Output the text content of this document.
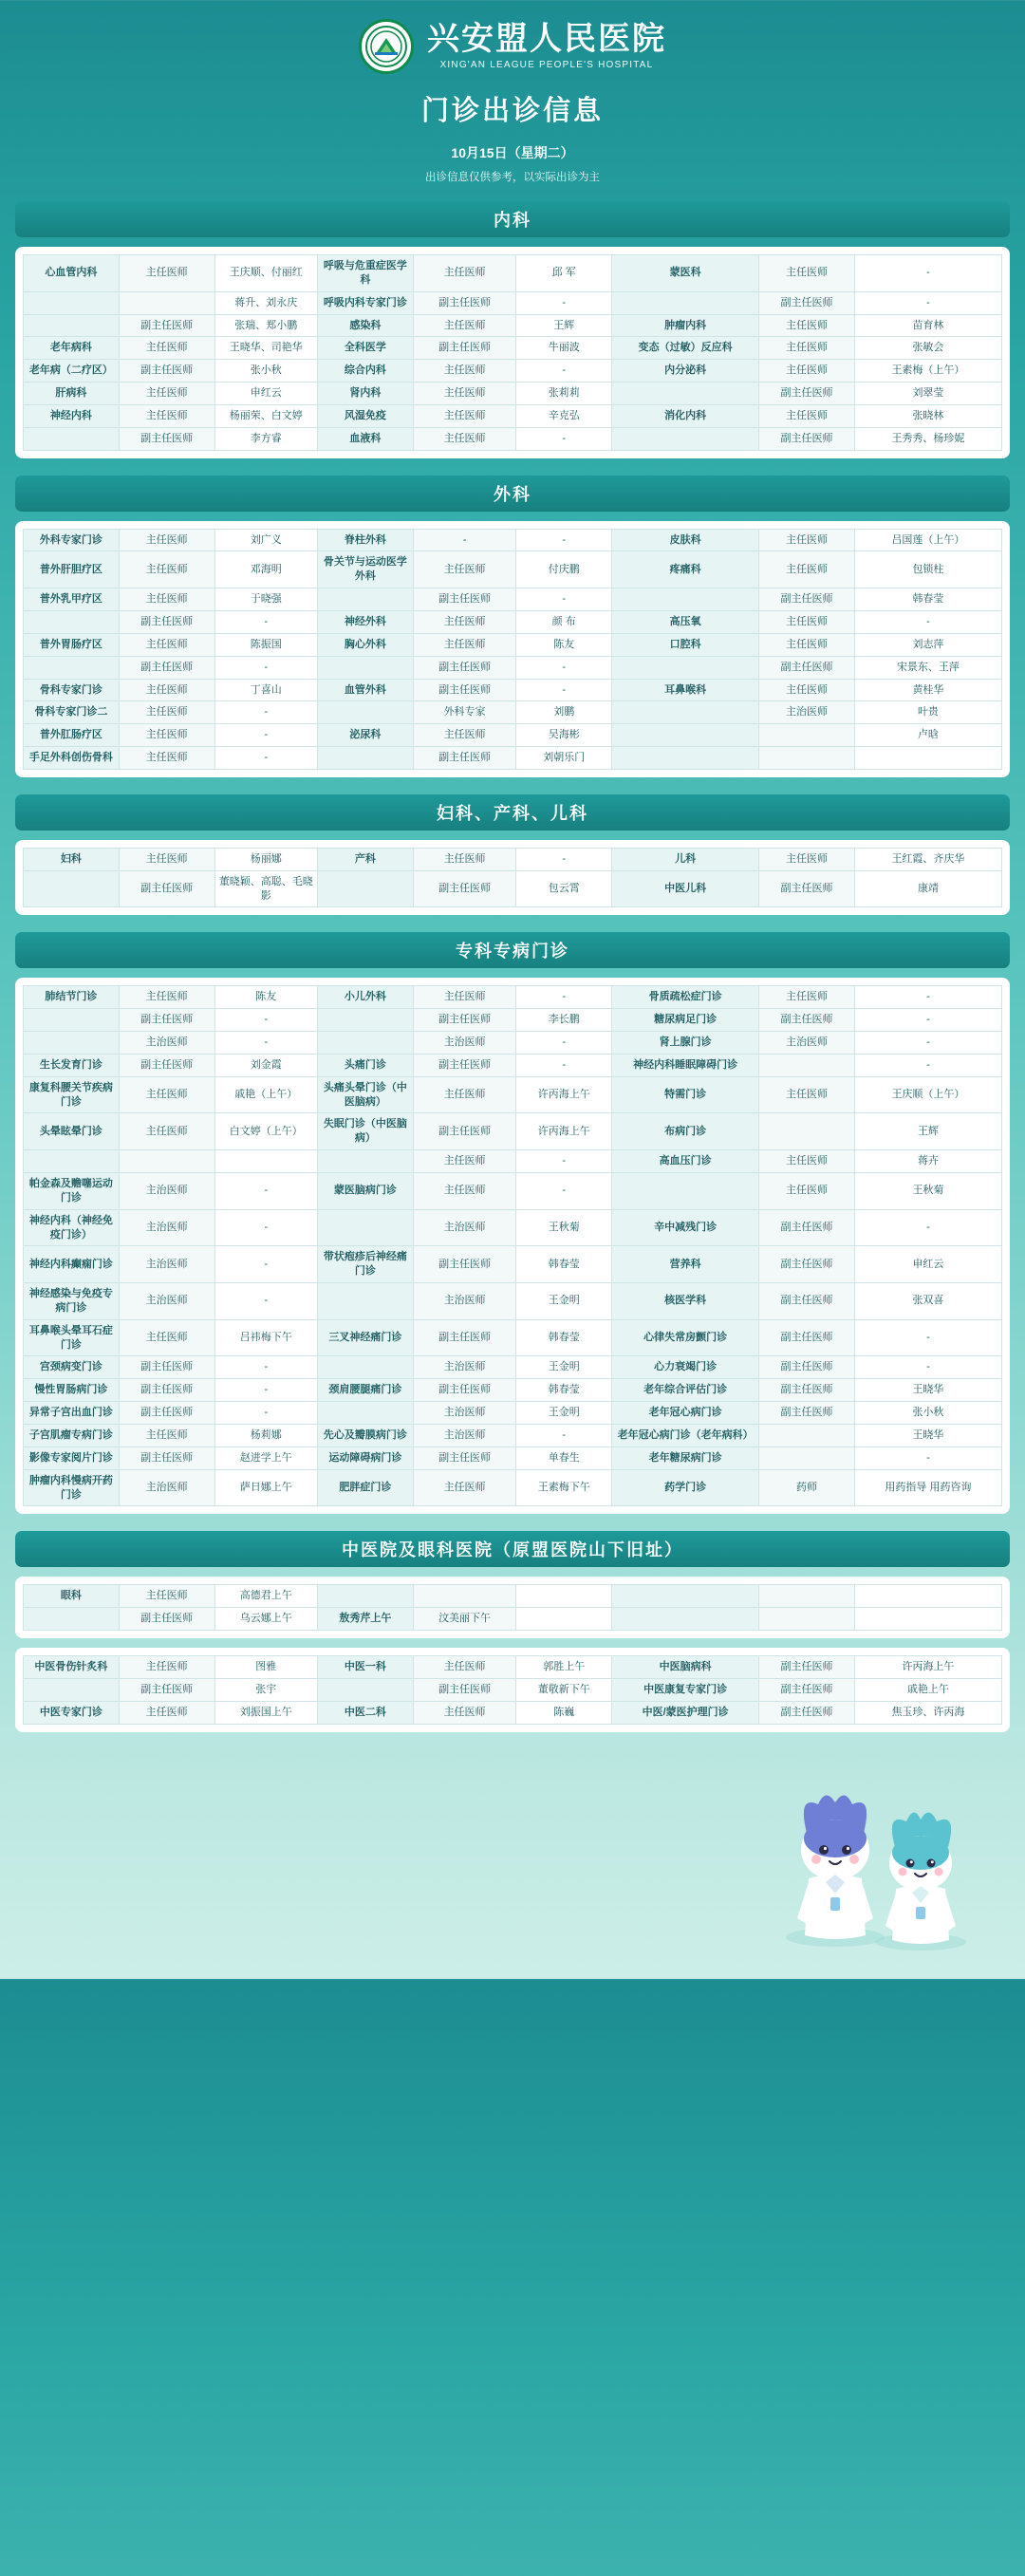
兴安盟人民医院
XING'AN LEAGUE PEOPLE'S HOSPITAL
门诊出诊信息
10月15日（星期二）
出诊信息仅供参考，以实际出诊为主
内科
心血管内科	主任医师	王庆顺、付丽红	呼吸与危重症医学科	主任医师	邱 军	蒙医科	主任医师	-
		蒋升、刘永庆	呼吸内科专家门诊	副主任医师	-		副主任医师	-
	副主任医师	张瑞、郑小鹏	感染科	主任医师	王辉	肿瘤内科	主任医师	苗育林
老年病科	主任医师	王晓华、司艳华	全科医学	副主任医师	牛丽波	变态（过敏）反应科	主任医师	张敏会
老年病（二疗区）	副主任医师	张小秋	综合内科	主任医师	-	内分泌科	主任医师	王素梅（上午）
肝病科	主任医师	申红云	肾内科	主任医师	张莉莉		副主任医师	刘翠莹
神经内科	主任医师	杨丽荣、白文婷	风湿免疫	主任医师	辛克弘	消化内科	主任医师	张晓林
	副主任医师	李方睿	血液科	主任医师	-		副主任医师	王秀秀、杨珍妮
外科
外科专家门诊	主任医师	刘广义	脊柱外科	-	-	皮肤科	主任医师	吕国莲（上午）
普外肝胆疗区	主任医师	邓海明	骨关节与运动医学外科	主任医师	付庆鹏	疼痛科	主任医师	包锁柱
普外乳甲疗区	主任医师	于晓强		副主任医师	-		副主任医师	韩春莹
	副主任医师	-	神经外科	主任医师	颜 布	高压氧	主任医师	-
普外胃肠疗区	主任医师	陈振国	胸心外科	主任医师	陈友	口腔科	主任医师	刘志萍
	副主任医师	-		副主任医师	-		副主任医师	宋景东、王萍
骨科专家门诊	主任医师	丁喜山	血管外科	副主任医师	-	耳鼻喉科	主任医师	黄桂华
骨科专家门诊二	主任医师	-		外科专家	刘鹏		主治医师	叶贵
普外肛肠疗区	主任医师	-	泌尿科	主任医师	吴海彬			卢晗
手足外科创伤骨科	主任医师	-		副主任医师	刘朝乐门			
妇科、产科、儿科
妇科	主任医师	杨丽娜	产科	主任医师	-	儿科	主任医师	王红霞、齐庆华
	副主任医师	董晓颖、高聪、毛晓影		副主任医师	包云霄	中医儿科	副主任医师	康靖
专科专病门诊
肺结节门诊	主任医师	陈友	小儿外科	主任医师	-	骨质疏松症门诊	主任医师	-
	副主任医师	-		副主任医师	李长鹏	糖尿病足门诊	副主任医师	-
	主治医师	-		主治医师	-	肾上腺门诊	主治医师	-
生长发育门诊	副主任医师	刘金霞	头痛门诊	副主任医师	-	神经内科睡眠障碍门诊		-
康复科腰关节疾病门诊	主任医师	戚艳（上午）	头痛头晕门诊（中医脑病）	主任医师	许丙海上午	特需门诊	主任医师	王庆顺（上午）
头晕眩晕门诊	主任医师	白文婷（上午）	失眠门诊（中医脑病）	副主任医师	许丙海上午	布病门诊		王辉
				主任医师	-	高血压门诊	主任医师	蒋卉
帕金森及赡噻运动门诊	主治医师	-	蒙医脑病门诊	主任医师	-		主任医师	王秋菊
神经内科（神经免疫门诊）	主治医师	-		主治医师	王秋菊	辛中减残门诊	副主任医师	-
神经内科癫痫门诊	主治医师	-	带状疱疹后神经痛门诊	副主任医师	韩春莹	营养科	副主任医师	申红云
神经感染与免疫专病门诊	主治医师	-		主治医师	王金明	核医学科	副主任医师	张双喜
耳鼻喉头晕耳石症门诊	主任医师	吕祎梅下午	三叉神经痛门诊	副主任医师	韩春莹	心律失常房颤门诊	副主任医师	-
宫颈病变门诊	副主任医师	-		主治医师	王金明	心力衰竭门诊	副主任医师	-
慢性胃肠病门诊	副主任医师	-	颈肩腰腿痛门诊	副主任医师	韩春莹	老年综合评估门诊	副主任医师	王晓华
异常子宫出血门诊	副主任医师	-		主治医师	王金明	老年冠心病门诊	副主任医师	张小秋
子宫肌瘤专病门诊	主任医师	杨莉娜	先心及瓣膜病门诊	主治医师	-	老年冠心病门诊（老年病科）		王晓华
影像专家阅片门诊	副主任医师	赵进学上午	运动障碍病门诊	副主任医师	单春生	老年糖尿病门诊		-
肿瘤内科慢病开药门诊	主治医师	萨日娜上午	肥胖症门诊	主任医师	王素梅下午	药学门诊	药师	用药指导 用药咨询
中医院及眼科医院（原盟医院山下旧址）
眼科	主任医师	高德君上午						
	副主任医师	乌云娜上午	敖秀芹上午	汶美丽下午				
中医骨伤针炙科	主任医师	图雅	中医一科	主任医师	郭胜上午	中医脑病科	副主任医师	许丙海上午
	副主任医师	张宇		副主任医师	董敬新下午	中医康复专家门诊	副主任医师	戚艳上午
中医专家门诊	主任医师	刘振国上午	中医二科	主任医师	陈巍	中医/蒙医护理门诊	副主任医师	焦玉珍、许丙海
